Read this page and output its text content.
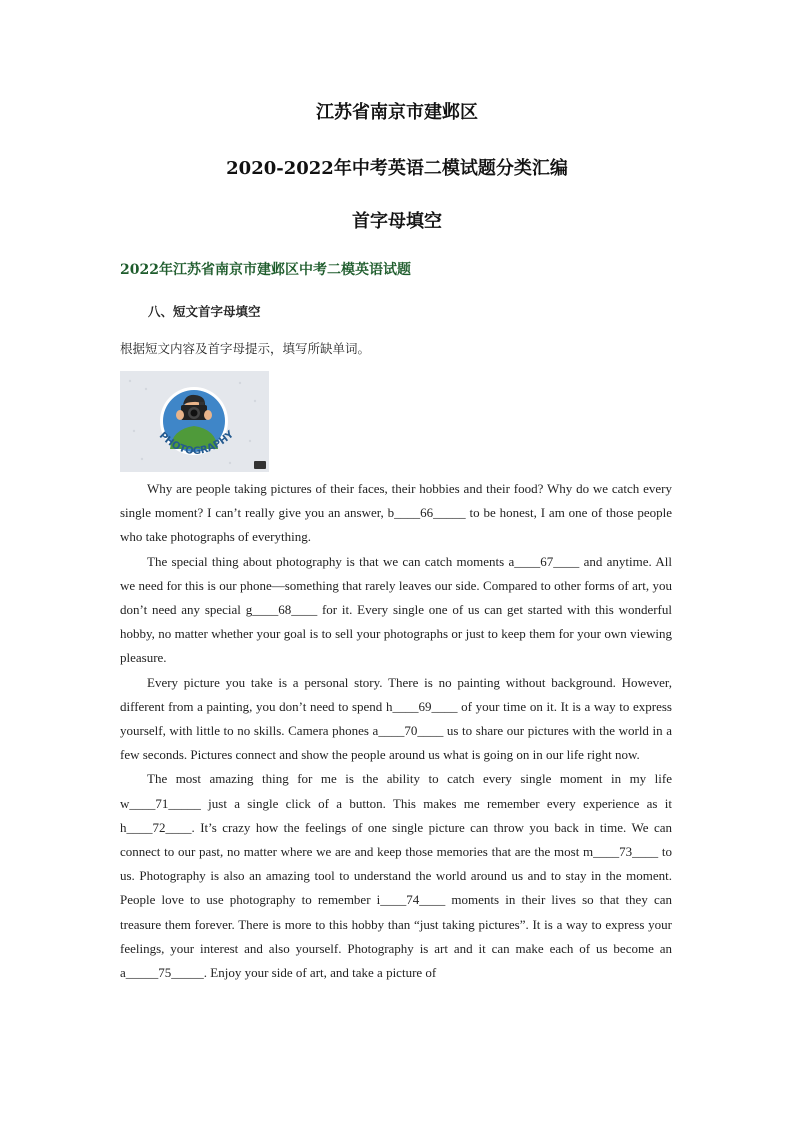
江苏省南京市建邺区
2020-2022年中考英语二模试题分类汇编
首字母填空
2022年江苏省南京市建邺区中考二模英语试题
八、短文首字母填空
根据短文内容及首字母提示，填写所缺单词。
PHOTOGRAPHY

Why are people taking pictures of their faces, their hobbies and their food? Why do we catch every single moment? I can’t really give you an answer, b____66_____ to be honest, I am one of those people who take photographs of everything.

The special thing about photography is that we can catch moments a____67____ and anytime. All we need for this is our phone—something that rarely leaves our side. Compared to other forms of art, you don’t need any special g____68____ for it. Every single one of us can get started with this wonderful hobby, no matter whether your goal is to sell your photographs or just to keep them for your own viewing pleasure.

Every picture you take is a personal story. There is no painting without background. However, different from a painting, you don’t need to spend h____69____ of your time on it. It is a way to express yourself, with little to no skills. Camera phones a____70____ us to share our pictures with the world in a few seconds. Pictures connect and show the people around us what is going on in our life right now.

The most amazing thing for me is the ability to catch every single moment in my life w____71_____ just a single click of a button. This makes me remember every experience as it h____72____. It’s crazy how the feelings of one single picture can throw you back in time. We can connect to our past, no matter where we are and keep those memories that are the most m____73____ to us. Photography is also an amazing tool to understand the world around us and to stay in the moment. People love to use photography to remember i____74____ moments in their lives so that they can treasure them forever. There is more to this hobby than “just taking pictures”. It is a way to express your feelings, your interest and also yourself. Photography is art and it can make each of us become an a_____75_____. Enjoy your side of art, and take a picture of
